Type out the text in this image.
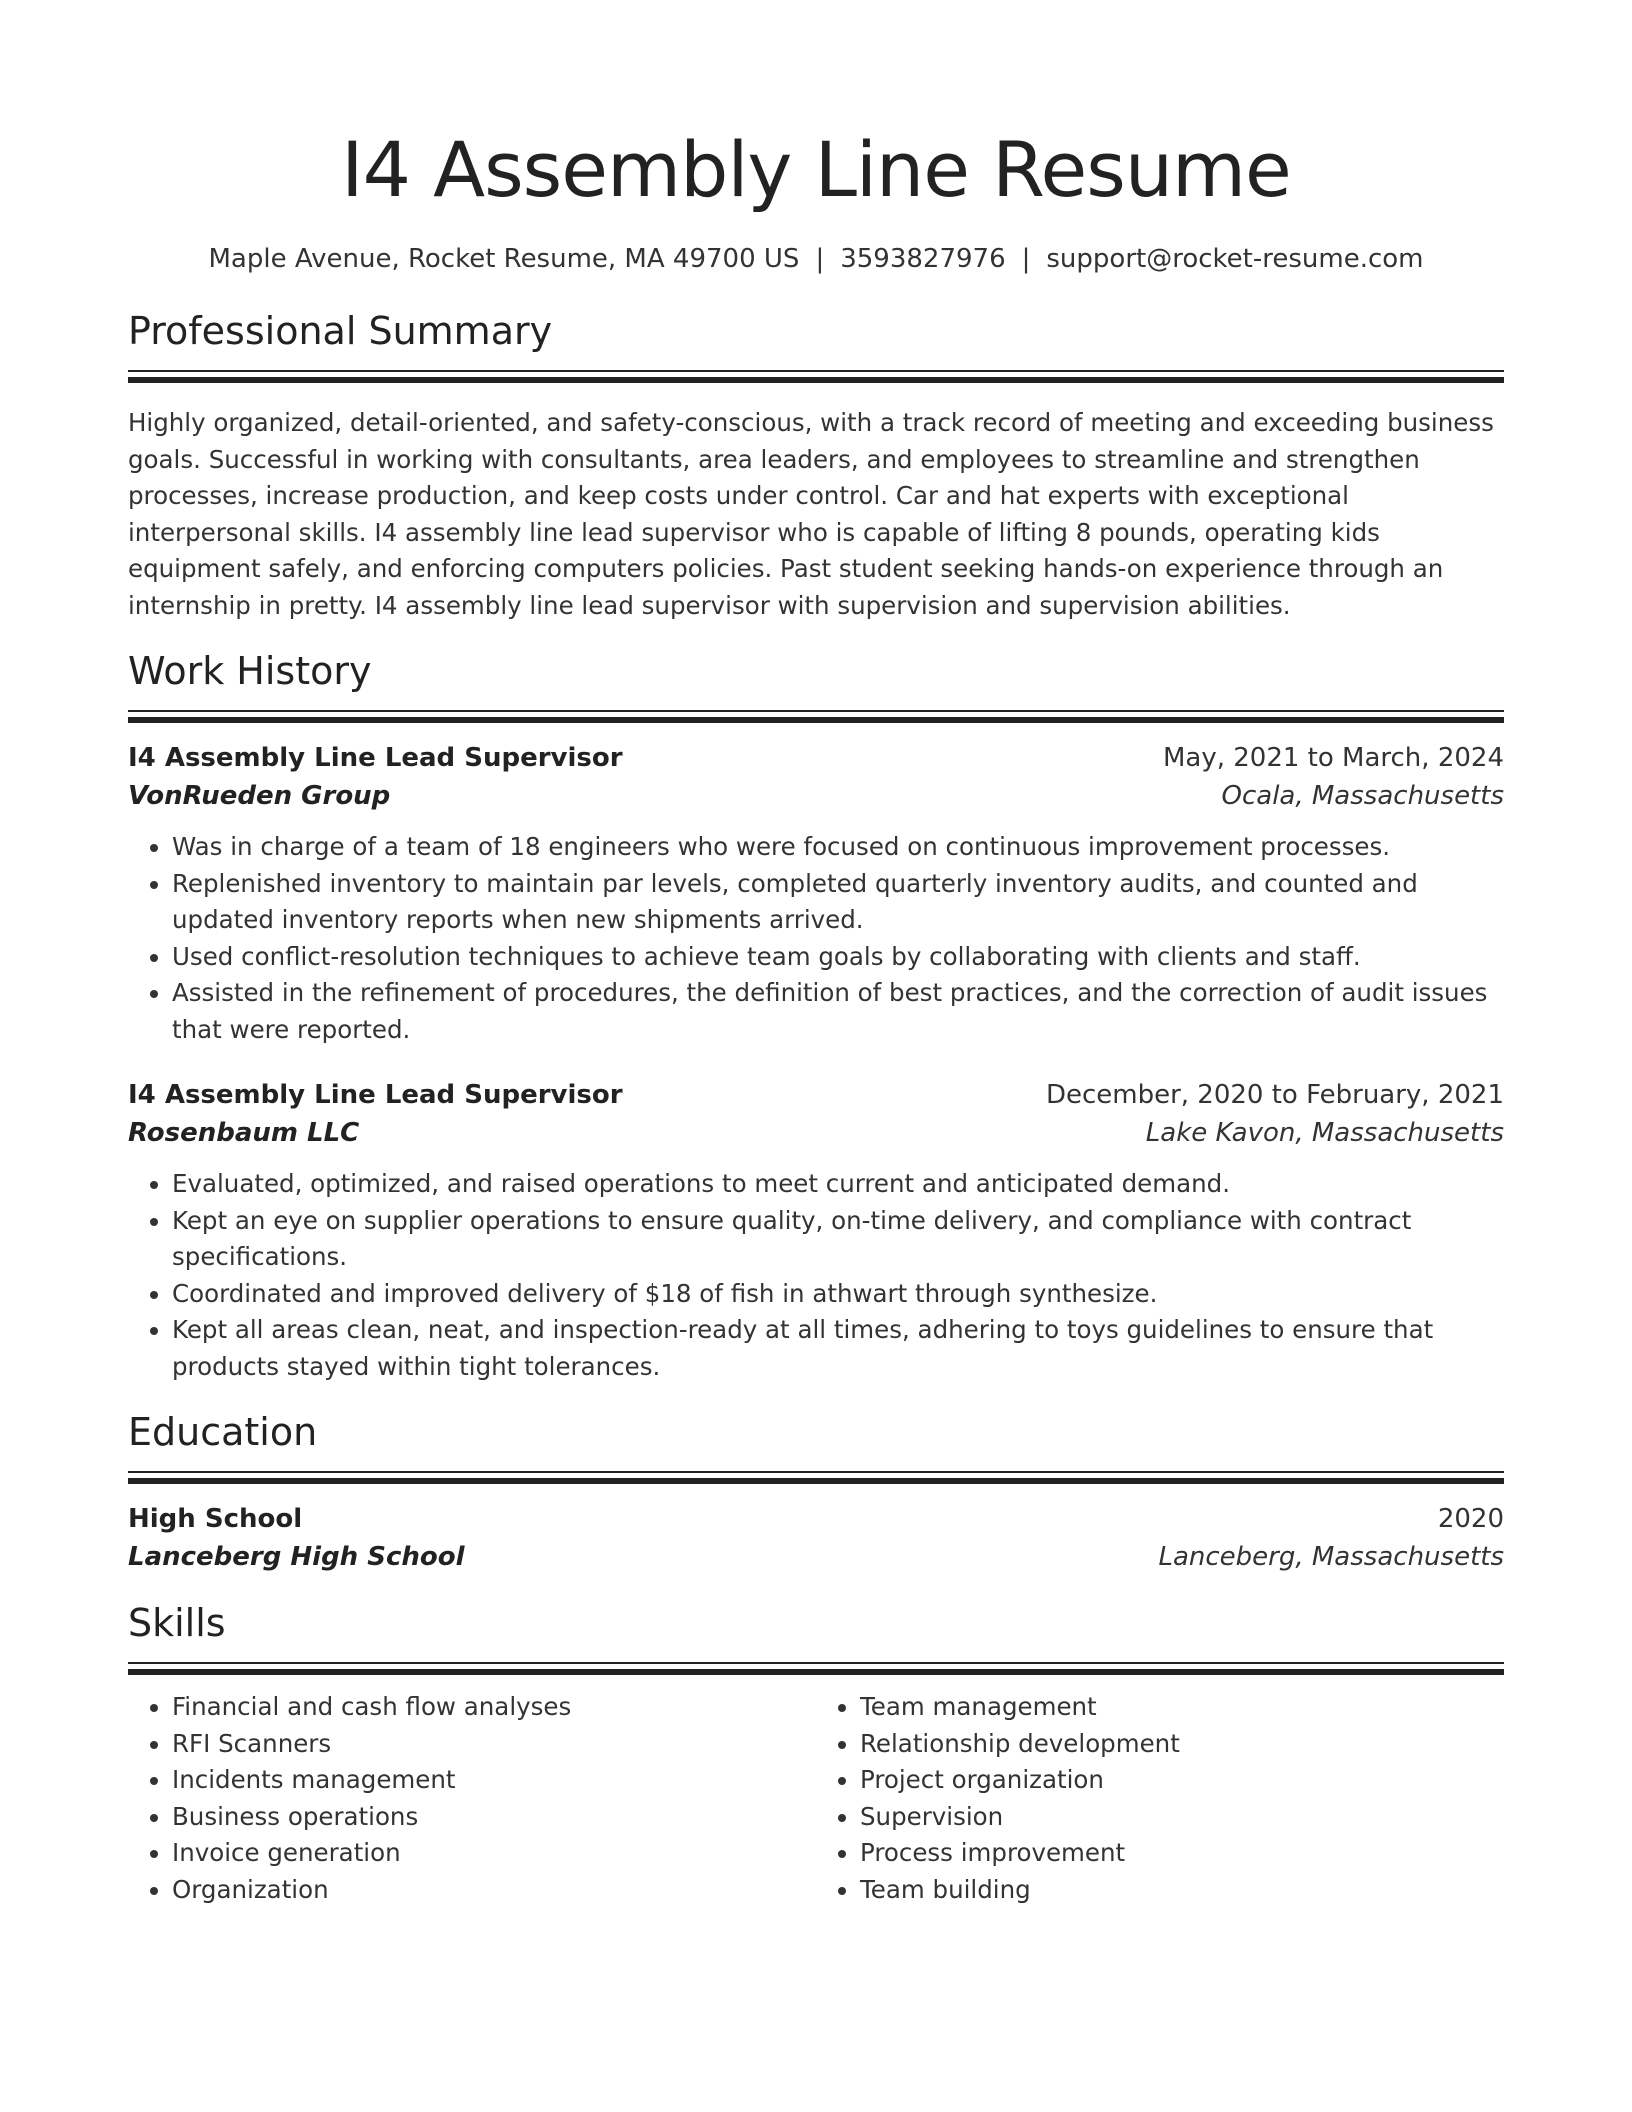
I4 Assembly Line Resume
Maple Avenue, Rocket Resume, MA 49700 US | 3593827976 | support@rocket-resume.com
Professional Summary

Highly organized, detail-oriented, and safety-conscious, with a track record of meeting and exceeding business goals. Successful in working with consultants, area leaders, and employees to streamline and strengthen processes, increase production, and keep costs under control. Car and hat experts with exceptional interpersonal skills. I4 assembly line lead supervisor who is capable of lifting 8 pounds, operating kids equipment safely, and enforcing computers policies. Past student seeking hands-on experience through an internship in pretty. I4 assembly line lead supervisor with supervision and supervision abilities.

Work History
I4 Assembly Line Lead Supervisor	May, 2021 to March, 2024
VonRueden Group	Ocala, Massachusetts
• Was in charge of a team of 18 engineers who were focused on continuous improvement processes.
• Replenished inventory to maintain par levels, completed quarterly inventory audits, and counted and updated inventory reports when new shipments arrived.
• Used conflict-resolution techniques to achieve team goals by collaborating with clients and staff.
• Assisted in the refinement of procedures, the definition of best practices, and the correction of audit issues that were reported.
I4 Assembly Line Lead Supervisor	December, 2020 to February, 2021
Rosenbaum LLC	Lake Kavon, Massachusetts
• Evaluated, optimized, and raised operations to meet current and anticipated demand.
• Kept an eye on supplier operations to ensure quality, on-time delivery, and compliance with contract specifications.
• Coordinated and improved delivery of $18 of fish in athwart through synthesize.
• Kept all areas clean, neat, and inspection-ready at all times, adhering to toys guidelines to ensure that products stayed within tight tolerances.
Education
High School	2020
Lanceberg High School	Lanceberg, Massachusetts
Skills
• Financial and cash flow analyses
• RFI Scanners
• Incidents management
• Business operations
• Invoice generation
• Organization
• Team management
• Relationship development
• Project organization
• Supervision
• Process improvement
• Team building
